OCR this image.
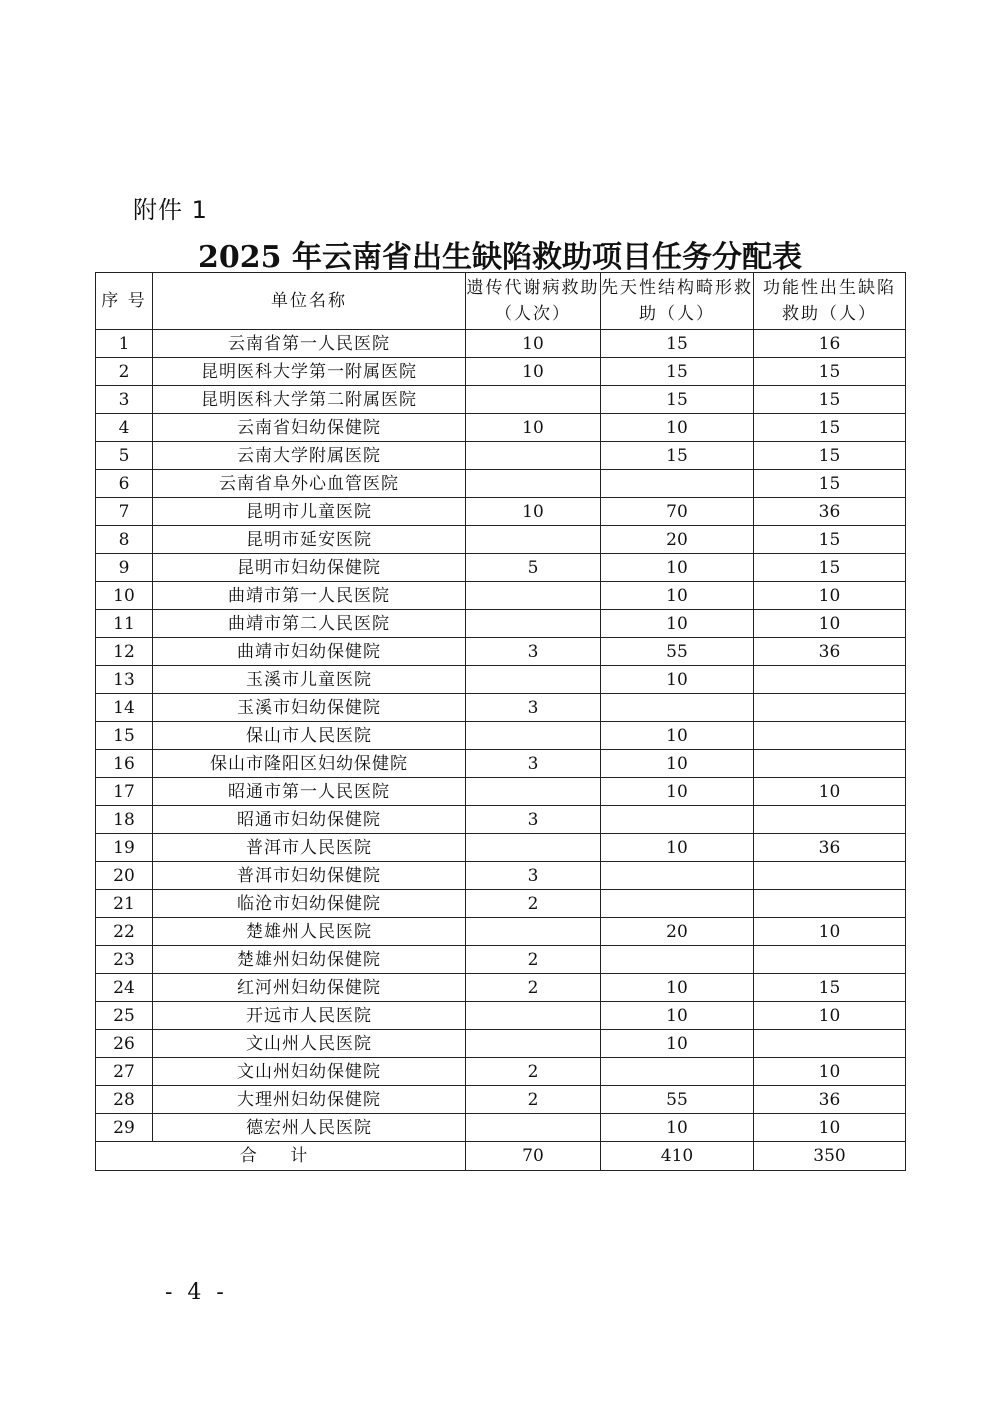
附件 1
2025 年云南省出生缺陷救助项目任务分配表
序 号	单位名称	遗传代谢病救助（人次）	先天性结构畸形救助（人）	功能性出生缺陷救助（人）
1	云南省第一人民医院	10	15	16
2	昆明医科大学第一附属医院	10	15	15
3	昆明医科大学第二附属医院		15	15
4	云南省妇幼保健院	10	10	15
5	云南大学附属医院		15	15
6	云南省阜外心血管医院			15
7	昆明市儿童医院	10	70	36
8	昆明市延安医院		20	15
9	昆明市妇幼保健院	5	10	15
10	曲靖市第一人民医院		10	10
11	曲靖市第二人民医院		10	10
12	曲靖市妇幼保健院	3	55	36
13	玉溪市儿童医院		10	
14	玉溪市妇幼保健院	3		
15	保山市人民医院		10	
16	保山市隆阳区妇幼保健院	3	10	
17	昭通市第一人民医院		10	10
18	昭通市妇幼保健院	3		
19	普洱市人民医院		10	36
20	普洱市妇幼保健院	3		
21	临沧市妇幼保健院	2		
22	楚雄州人民医院		20	10
23	楚雄州妇幼保健院	2		
24	红河州妇幼保健院	2	10	15
25	开远市人民医院		10	10
26	文山州人民医院		10	
27	文山州妇幼保健院	2		10
28	大理州妇幼保健院	2	55	36
29	德宏州人民医院		10	10
合 计		70	410	350
- 4 -
